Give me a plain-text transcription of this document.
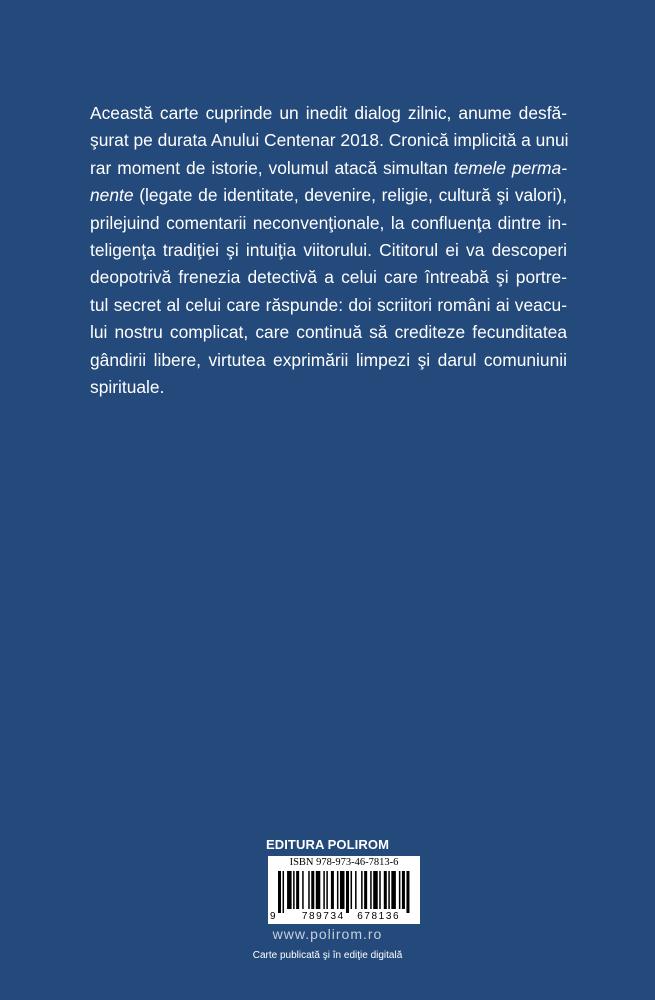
Această carte cuprinde un inedit dialog zilnic, anume desfă-
şurat pe durata Anului Centenar 2018. Cronică implicită a unui
rar moment de istorie, volumul atacă simultan temele perma-
nente (legate de identitate, devenire, religie, cultură şi valori),
prilejuind comentarii neconvenţionale, la confluenţa dintre in-
teligenţa tradiţiei şi intuiţia viitorului. Cititorul ei va descoperi
deopotrivă frenezia detectivă a celui care întreabă şi portre-
tul secret al celui care răspunde: doi scriitori români ai veacu-
lui nostru complicat, care continuă să crediteze fecunditatea
gândirii libere, virtutea exprimării limpezi şi darul comuniunii
spirituale.
EDITURA POLIROM
ISBN 978-973-46-7813-6
9 789734 678136
www.polirom.ro
Carte publicată şi în ediţie digitală
